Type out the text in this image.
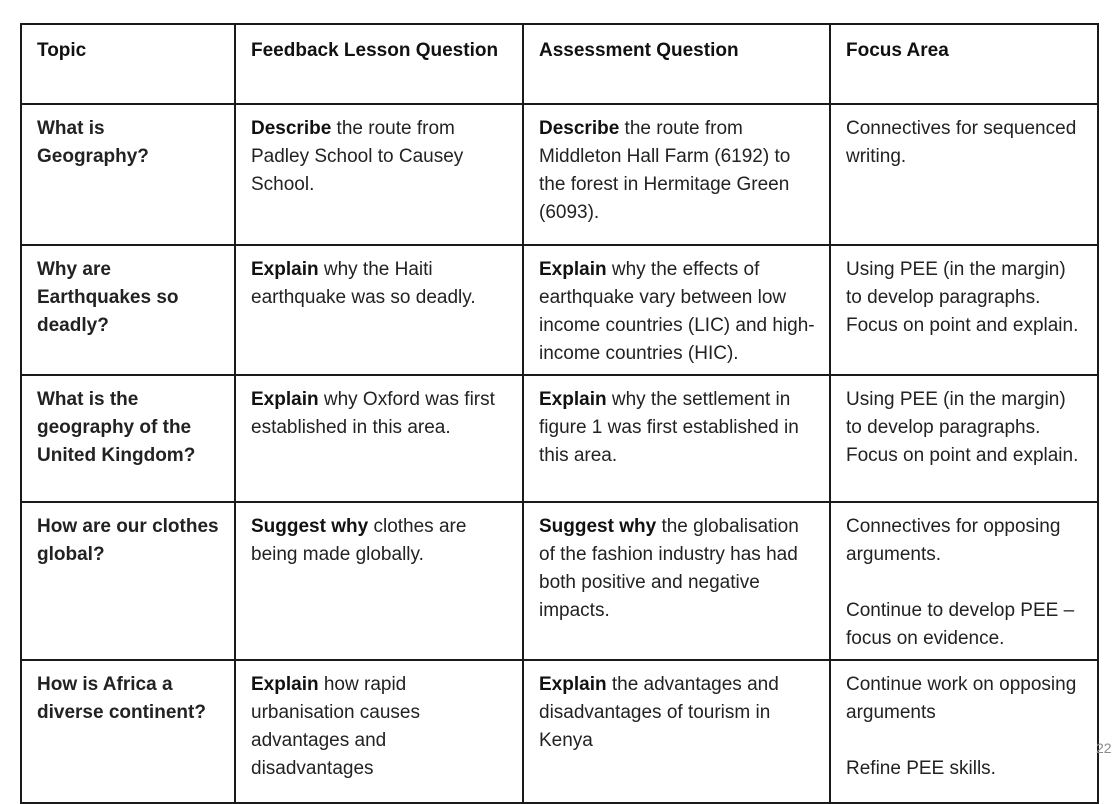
Topic	Feedback Lesson Question	Assessment Question	Focus Area
What is Geography?	Describe the route from Padley School to Causey School.	Describe the route from Middleton Hall Farm (6192) to the forest in Hermitage Green (6093).	Connectives for sequenced writing.

Why are Earthquakes so deadly?	Explain why the Haiti earthquake was so deadly.	Explain why the effects of earthquake vary between low income countries (LIC) and high-income countries (HIC).	Using PEE (in the margin) to develop paragraphs. Focus on point and explain.

What is the geography of the United Kingdom?	Explain why Oxford was first established in this area.	Explain why the settlement in figure 1 was first established in this area.	Using PEE (in the margin) to develop paragraphs. Focus on point and explain.

How are our clothes global?	Suggest why clothes are being made globally.	Suggest why the globalisation of the fashion industry has had both positive and negative impacts.	Connectives for opposing arguments.
Continue to develop PEE – focus on evidence.

How is Africa a diverse continent?	Explain how rapid urbanisation causes advantages and disadvantages	Explain the advantages and disadvantages of tourism in Kenya	Continue work on opposing arguments
Refine PEE skills.
22
